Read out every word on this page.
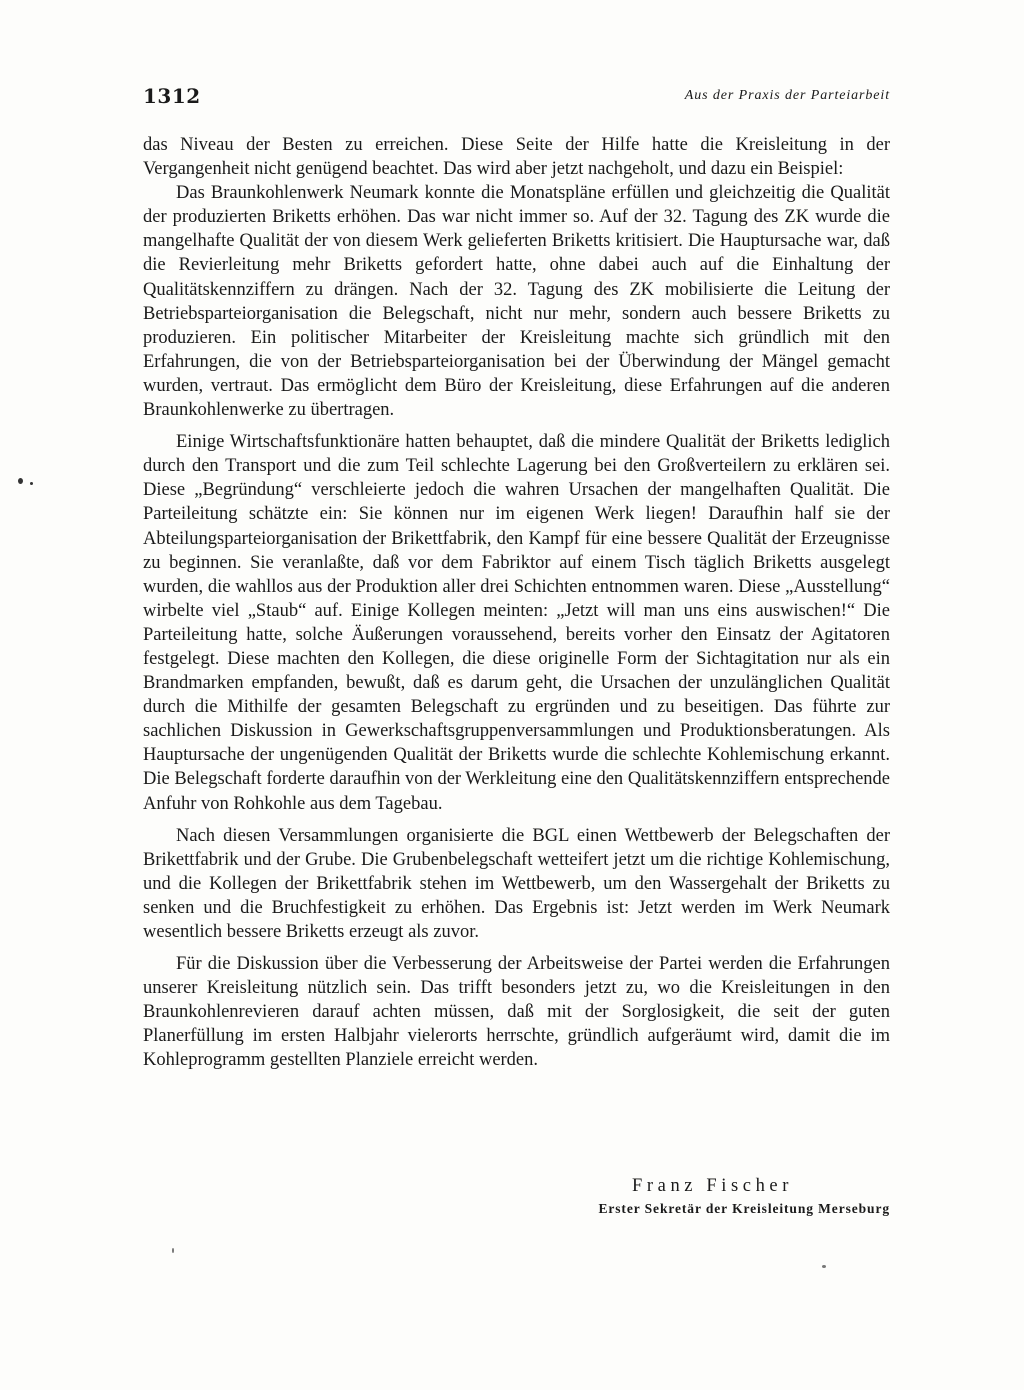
1312	Aus der Praxis der Parteiarbeit

das Niveau der Besten zu erreichen. Diese Seite der Hilfe hatte die Kreisleitung in der Vergangenheit nicht genügend beachtet. Das wird aber jetzt nachgeholt, und dazu ein Beispiel:

Das Braunkohlenwerk Neumark konnte die Monatspläne erfüllen und gleichzeitig die Qualität der produzierten Briketts erhöhen. Das war nicht immer so. Auf der 32. Tagung des ZK wurde die mangelhafte Qualität der von diesem Werk gelieferten Briketts kritisiert. Die Hauptursache war, daß die Revierleitung mehr Briketts gefordert hatte, ohne dabei auch auf die Einhaltung der Qualitätskennziffern zu drängen. Nach der 32. Tagung des ZK mobilisierte die Leitung der Betriebsparteiorganisation die Belegschaft, nicht nur mehr, sondern auch bessere Briketts zu produzieren. Ein politischer Mitarbeiter der Kreisleitung machte sich gründlich mit den Erfahrungen, die von der Betriebsparteiorganisation bei der Überwindung der Mängel gemacht wurden, vertraut. Das ermöglicht dem Büro der Kreisleitung, diese Erfahrungen auf die anderen Braunkohlenwerke zu übertragen.

Einige Wirtschaftsfunktionäre hatten behauptet, daß die mindere Qualität der Briketts lediglich durch den Transport und die zum Teil schlechte Lagerung bei den Großverteilern zu erklären sei. Diese „Begründung“ verschleierte jedoch die wahren Ursachen der mangelhaften Qualität. Die Parteileitung schätzte ein: Sie können nur im eigenen Werk liegen! Daraufhin half sie der Abteilungsparteiorganisation der Brikettfabrik, den Kampf für eine bessere Qualität der Erzeugnisse zu beginnen. Sie veranlaßte, daß vor dem Fabriktor auf einem Tisch täglich Briketts ausgelegt wurden, die wahllos aus der Produktion aller drei Schichten entnommen waren. Diese „Ausstellung“ wirbelte viel „Staub“ auf. Einige Kollegen meinten: „Jetzt will man uns eins auswischen!“ Die Parteileitung hatte, solche Äußerungen voraussehend, bereits vorher den Einsatz der Agitatoren festgelegt. Diese machten den Kollegen, die diese originelle Form der Sichtagitation nur als ein Brandmarken empfanden, bewußt, daß es darum geht, die Ursachen der unzulänglichen Qualität durch die Mithilfe der gesamten Belegschaft zu ergründen und zu beseitigen. Das führte zur sachlichen Diskussion in Gewerkschaftsgruppenversammlungen und Produktionsberatungen. Als Hauptursache der ungenügenden Qualität der Briketts wurde die schlechte Kohlemischung erkannt. Die Belegschaft forderte daraufhin von der Werkleitung eine den Qualitätskennziffern entsprechende Anfuhr von Rohkohle aus dem Tagebau.

Nach diesen Versammlungen organisierte die BGL einen Wettbewerb der Belegschaften der Brikettfabrik und der Grube. Die Grubenbelegschaft wetteifert jetzt um die richtige Kohlemischung, und die Kollegen der Brikettfabrik stehen im Wettbewerb, um den Wassergehalt der Briketts zu senken und die Bruchfestigkeit zu erhöhen. Das Ergebnis ist: Jetzt werden im Werk Neumark wesentlich bessere Briketts erzeugt als zuvor.

Für die Diskussion über die Verbesserung der Arbeitsweise der Partei werden die Erfahrungen unserer Kreisleitung nützlich sein. Das trifft besonders jetzt zu, wo die Kreisleitungen in den Braunkohlenrevieren darauf achten müssen, daß mit der Sorglosigkeit, die seit der guten Planerfüllung im ersten Halbjahr vielerorts herrschte, gründlich aufgeräumt wird, damit die im Kohleprogramm gestellten Planziele erreicht werden.

Franz Fischer
Erster Sekretär der Kreisleitung Merseburg
